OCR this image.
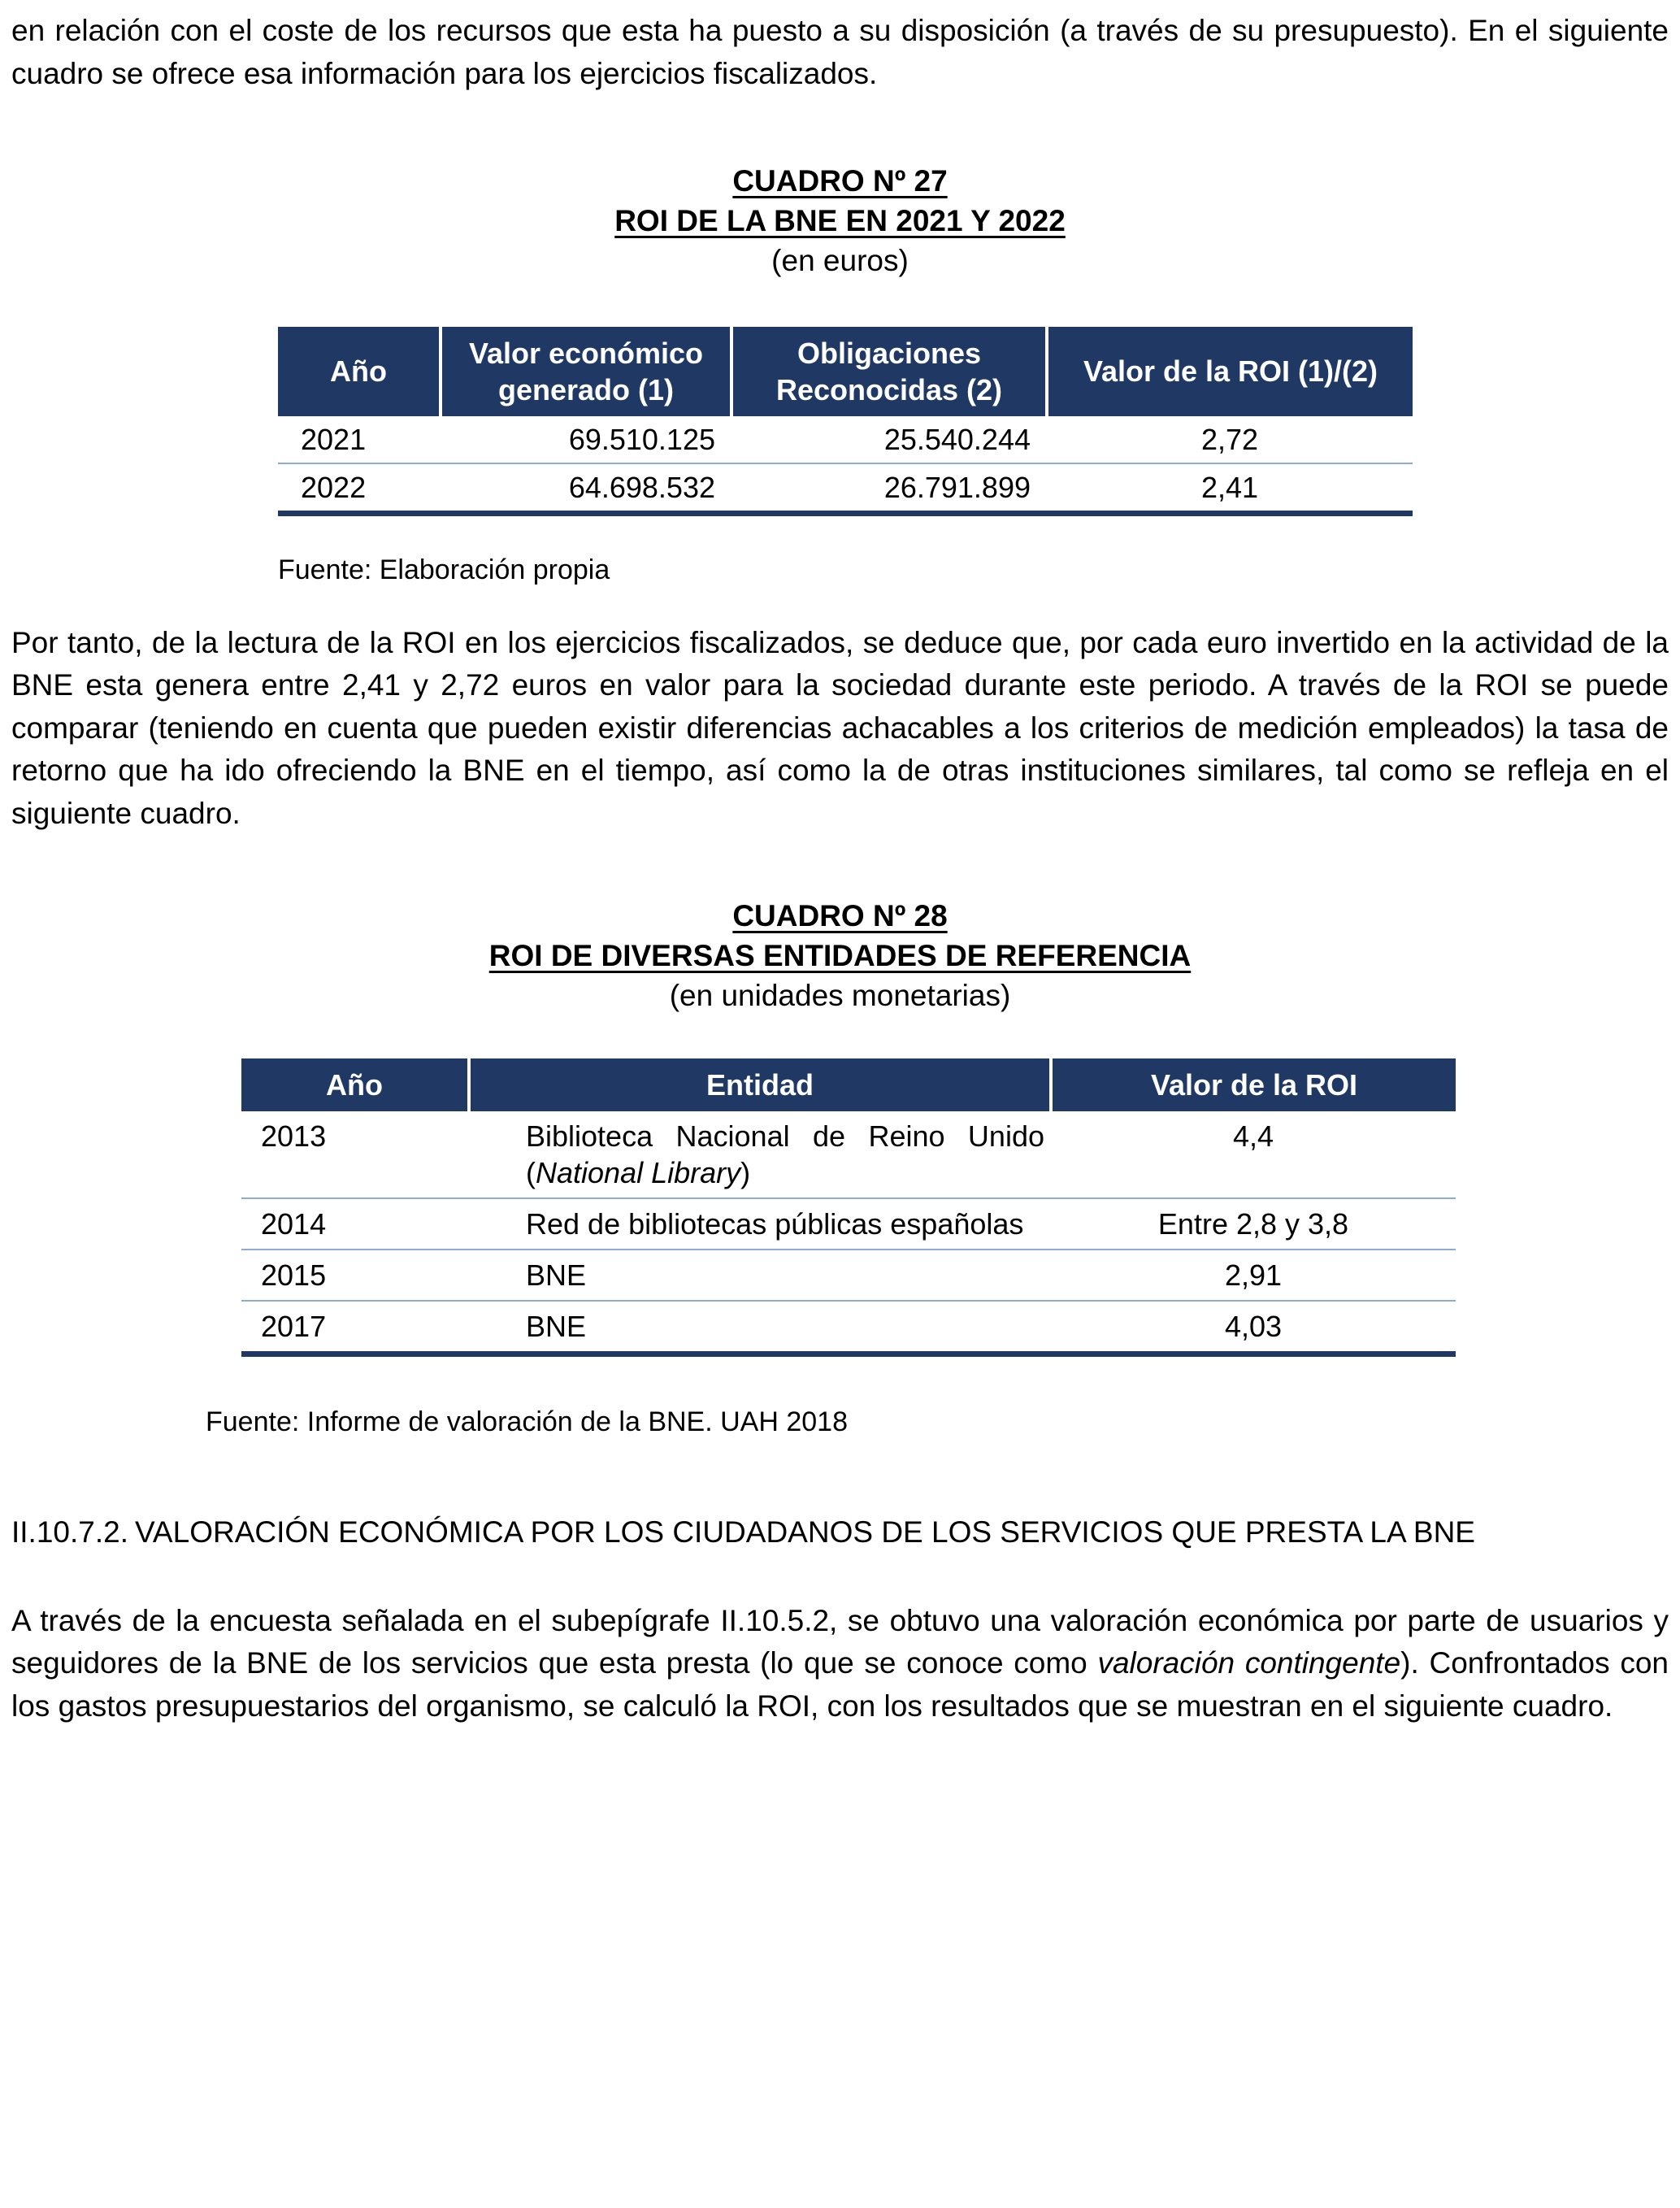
en relación con el coste de los recursos que esta ha puesto a su disposición (a través de su presupuesto). En el siguiente cuadro se ofrece esa información para los ejercicios fiscalizados.

CUADRO Nº 27
ROI DE LA BNE EN 2021 Y 2022
(en euros)
Año	Valor económico generado (1)	Obligaciones Reconocidas (2)	Valor de la ROI (1)/(2)
2021	69.510.125	25.540.244	2,72
2022	64.698.532	26.791.899	2,41

Fuente: Elaboración propia

Por tanto, de la lectura de la ROI en los ejercicios fiscalizados, se deduce que, por cada euro invertido en la actividad de la BNE esta genera entre 2,41 y 2,72 euros en valor para la sociedad durante este periodo. A través de la ROI se puede comparar (teniendo en cuenta que pueden existir diferencias achacables a los criterios de medición empleados) la tasa de retorno que ha ido ofreciendo la BNE en el tiempo, así como la de otras instituciones similares, tal como se refleja en el siguiente cuadro.

CUADRO Nº 28
ROI DE DIVERSAS ENTIDADES DE REFERENCIA
(en unidades monetarias)
Año	Entidad	Valor de la ROI
2013	Biblioteca Nacional de Reino Unido (National Library)	4,4
2014	Red de bibliotecas públicas españolas	Entre 2,8 y 3,8
2015	BNE	2,91
2017	BNE	4,03

Fuente: Informe de valoración de la BNE. UAH 2018

II.10.7.2. VALORACIÓN ECONÓMICA POR LOS CIUDADANOS DE LOS SERVICIOS QUE PRESTA LA BNE

A través de la encuesta señalada en el subepígrafe II.10.5.2, se obtuvo una valoración económica por parte de usuarios y seguidores de la BNE de los servicios que esta presta (lo que se conoce como valoración contingente). Confrontados con los gastos presupuestarios del organismo, se calculó la ROI, con los resultados que se muestran en el siguiente cuadro.
